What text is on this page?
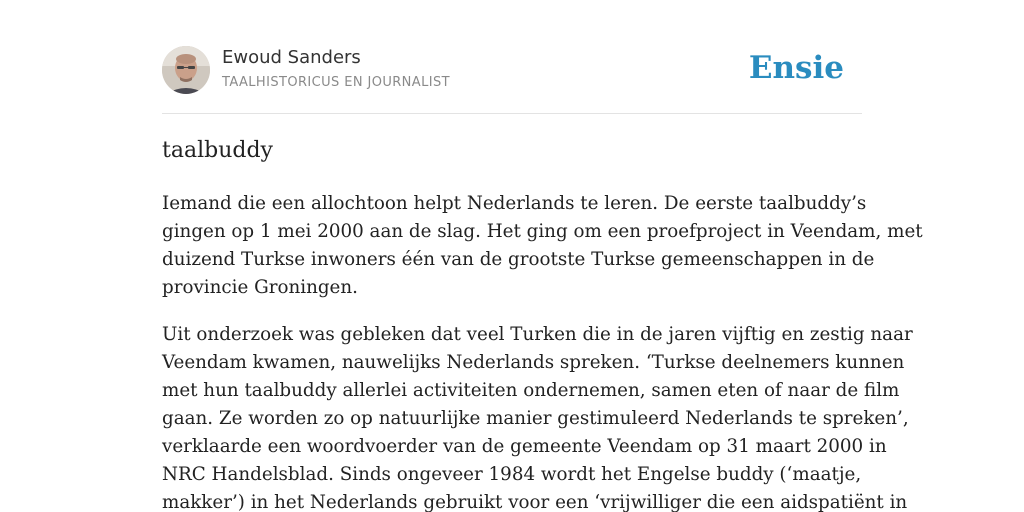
Ewoud Sanders
TAALHISTORICUS EN JOURNALIST	Ensie
taalbuddy

Iemand die een allochtoon helpt Nederlands te leren. De eerste taalbuddy’s
gingen op 1 mei 2000 aan de slag. Het ging om een proefproject in Veendam, met
duizend Turkse inwoners één van de grootste Turkse gemeenschappen in de
provincie Groningen.

Uit onderzoek was gebleken dat veel Turken die in de jaren vijftig en zestig naar
Veendam kwamen, nauwelijks Nederlands spreken. ‘Turkse deelnemers kunnen
met hun taalbuddy allerlei activiteiten ondernemen, samen eten of naar de film
gaan. Ze worden zo op natuurlijke manier gestimuleerd Nederlands te spreken’,
verklaarde een woordvoerder van de gemeente Veendam op 31 maart 2000 in
NRC Handelsblad. Sinds ongeveer 1984 wordt het Engelse buddy (‘maatje,
makker’) in het Nederlands gebruikt voor een ‘vrijwilliger die een aidspatiënt in
